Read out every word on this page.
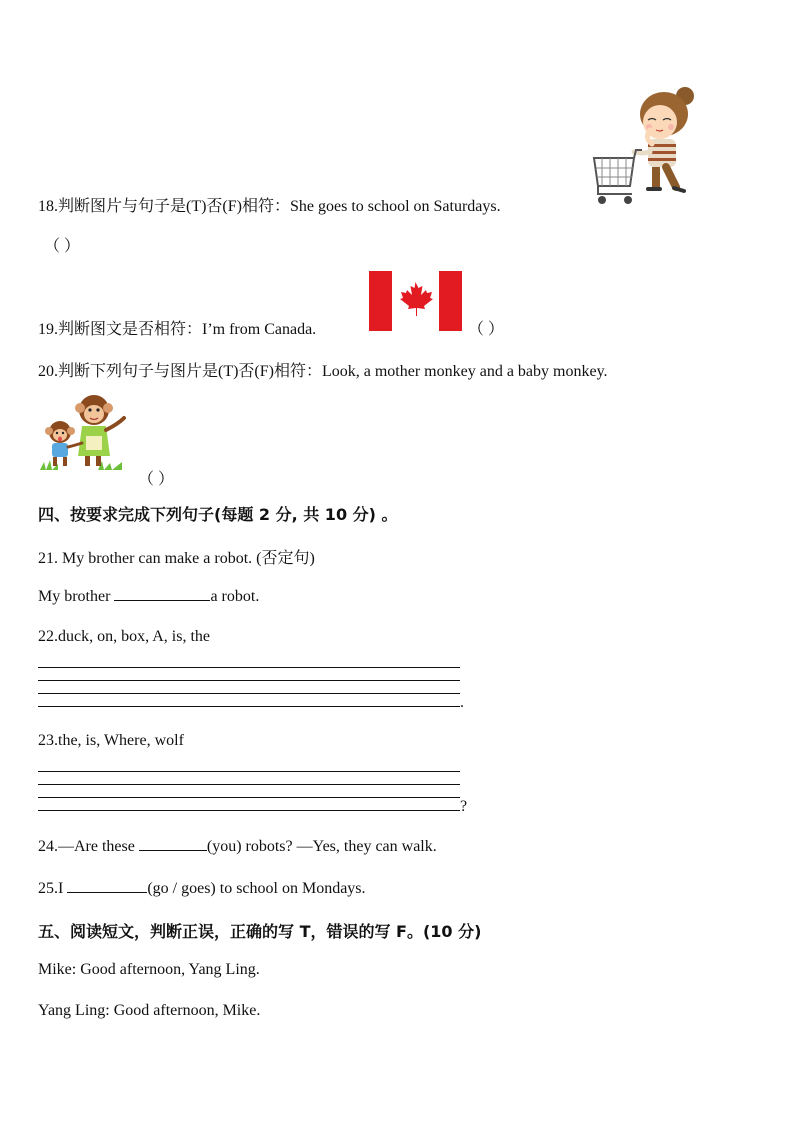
18.判断图片与句子是(T)否(F)相符：She goes to school on Saturdays.
（ ）
19.判断图文是否相符：I’m from Canada.	（ ）
20.判断下列句子与图片是(T)否(F)相符：Look, a mother monkey and a baby monkey.
（ ）
四、按要求完成下列句子(每题 2 分, 共 10 分) 。
21. My brother can make a robot. (否定句)
My brother	a robot.
22.duck, on, box, A, is, the
.
23.the, is, Where, wolf
?
24.—Are these	(you) robots? —Yes, they can walk.
25.I	(go / goes) to school on Mondays.
五、阅读短文，判断正误，正确的写 T，错误的写 F。(10 分)
Mike: Good afternoon, Yang Ling.
Yang Ling: Good afternoon, Mike.
